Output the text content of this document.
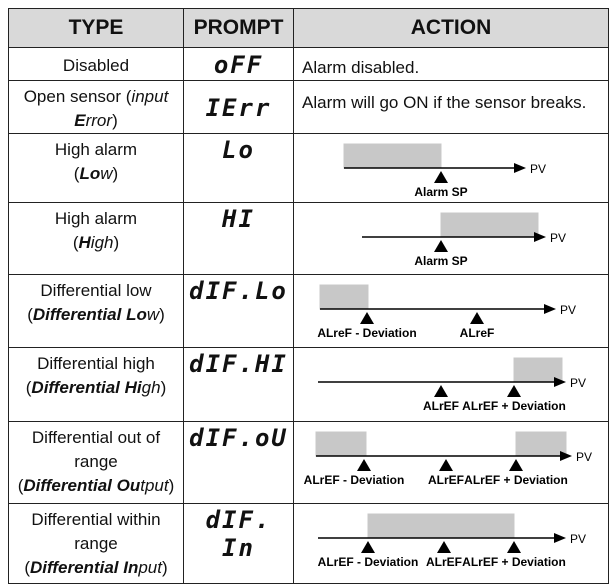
TYPE	PROMPT	ACTION
Disabled	oFF	Alarm disabled.

Open sensor (input Error)	IErr	Alarm will go ON if the sensor breaks.

High alarm
(Low)	Lo	PV
Alarm SP

High alarm
(High)	HI	PV
Alarm SP

Differential low
(Differential Low)	dIF.Lo	PV
ALreF - Deviation ALreF

Differential high
(Differential High)	dIF.HI	PV
ALrEF ALrEF + Deviation

Differential out of
range
(Differential Output)	dIF.oU	PV
ALrEF - Deviation ALrEF ALrEF + Deviation

Differential within
range
(Differential Input)	dIF. In	PV
ALrEF - Deviation ALrEF ALrEF + Deviation
